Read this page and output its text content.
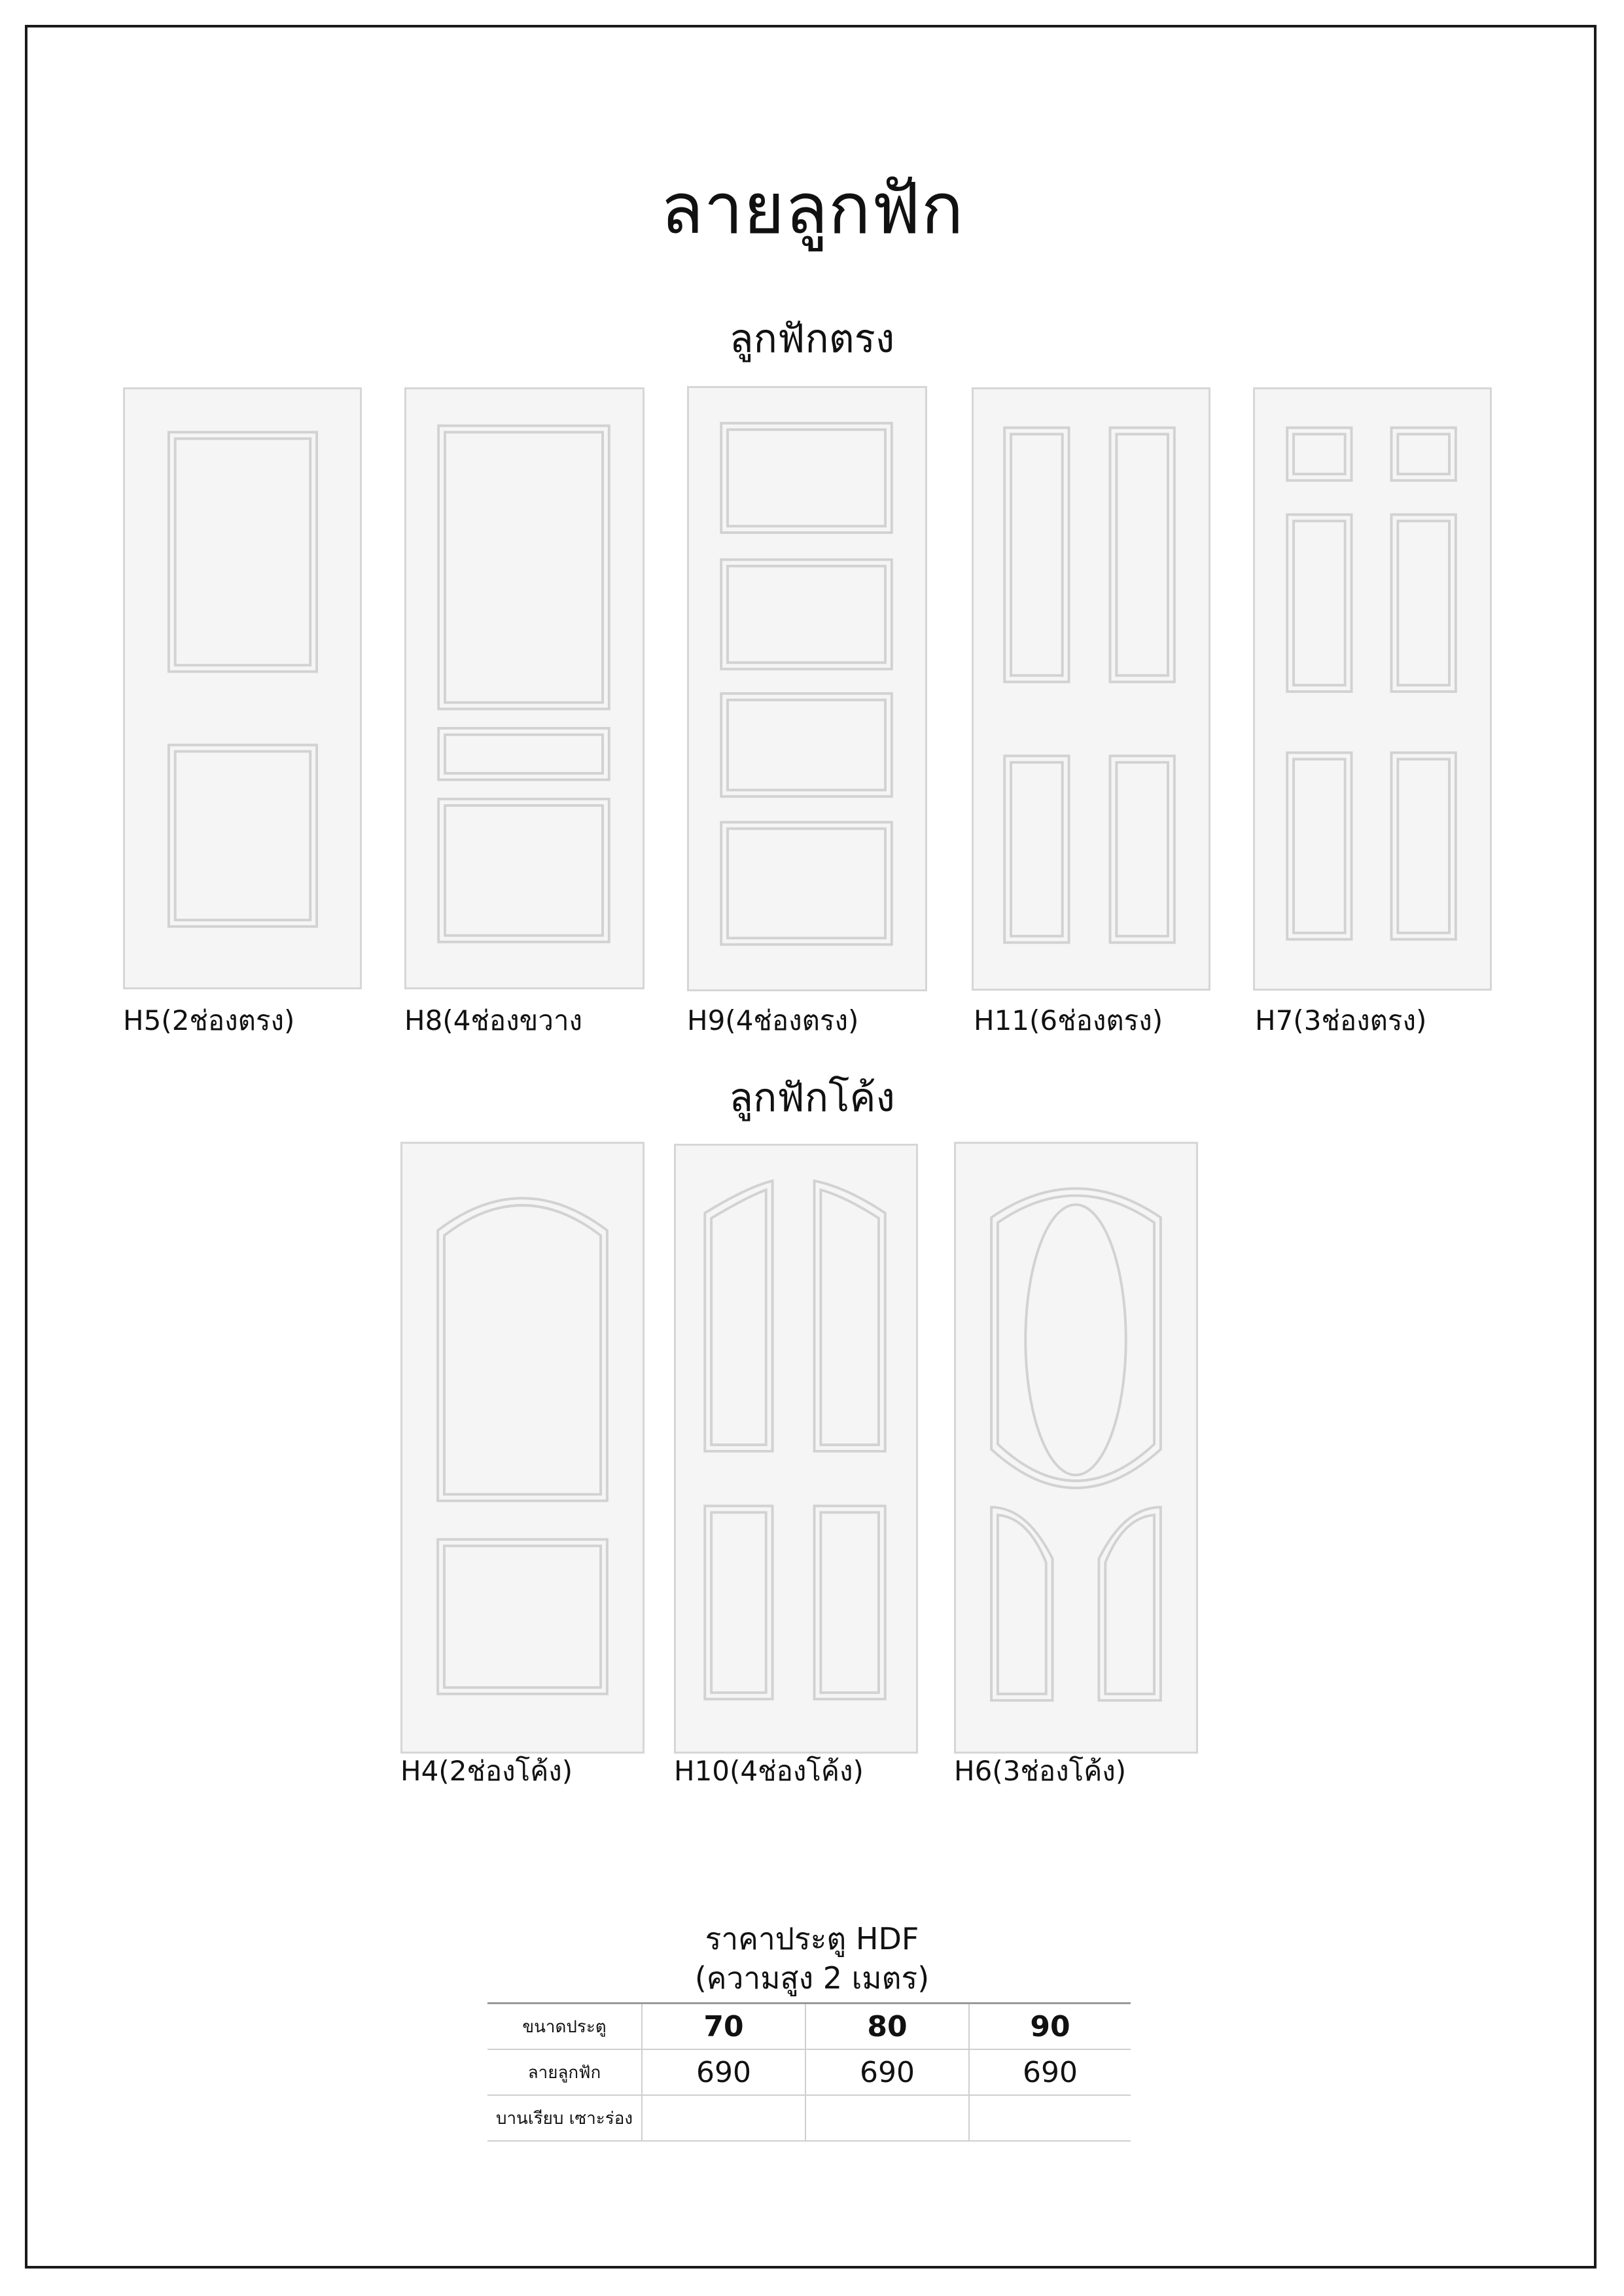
ลายลูกฟัก
ลูกฟักตรง
H5(2ช่องตรง)	H8(4ช่องขวาง	H9(4ช่องตรง)	H11(6ช่องตรง)	H7(3ช่องตรง)
ลูกฟักโค้ง
H4(2ช่องโค้ง)	H10(4ช่องโค้ง)	H6(3ช่องโค้ง)
ราคาประตู HDF
(ความสูง 2 เมตร)
ขนาดประตู	70	80	90
ลายลูกฟัก	690	690	690
บานเรียบ เซาะร่อง			
